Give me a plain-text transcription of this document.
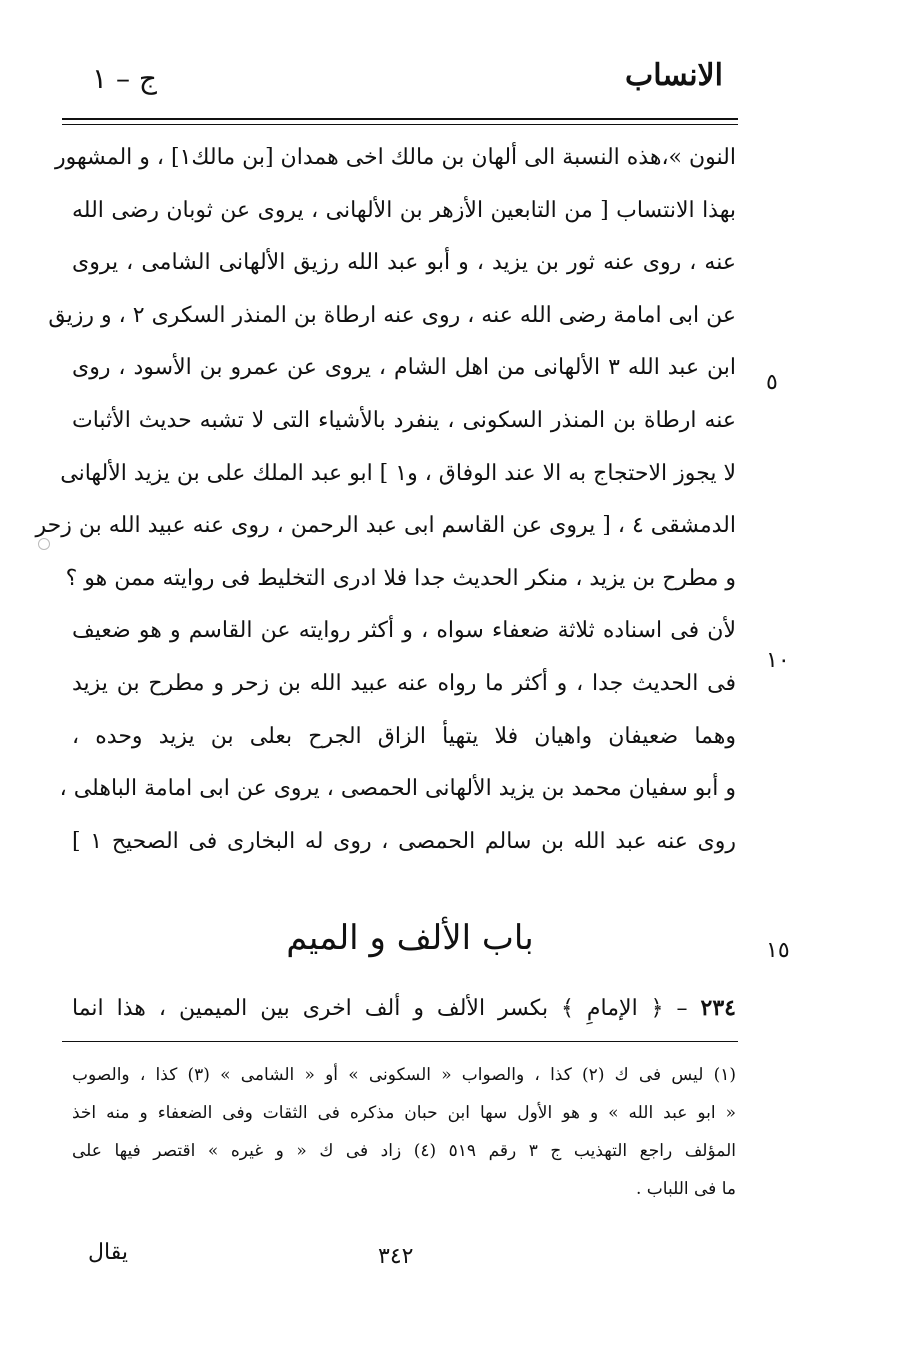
ج – ١	الانساب
النون »،هذه النسبة الى ألهان بن مالك اخى همدان [بن مالك١] ، و المشهور
بهذا الانتساب [ من التابعين الأزهر بن الألهانى ، يروى عن ثوبان رضى الله
عنه ، روى عنه ثور بن يزيد ، و أبو عبد الله رزيق الألهانى الشامى ، يروى
عن ابى امامة رضى الله عنه ، روى عنه ارطاة بن المنذر السكرى ٢ ، و رزيق
ابن عبد الله ٣ الألهانى من اهل الشام ، يروى عن عمرو بن الأسود ، روى
عنه ارطاة بن المنذر السكونى ، ينفرد بالأشياء التى لا تشبه حديث الأثبات
لا يجوز الاحتجاج به الا عند الوفاق ، و١ ] ابو عبد الملك على بن يزيد الألهانى
الدمشقى ٤ ، [ يروى عن القاسم ابى عبد الرحمن ، روى عنه عبيد الله بن زحر
و مطرح بن يزيد ، منكر الحديث جدا فلا ادرى التخليط فى روايته ممن هو ؟
لأن فى اسناده ثلاثة ضعفاء سواه ، و أكثر روايته عن القاسم و هو ضعيف
فى الحديث جدا ، و أكثر ما رواه عنه عبيد الله بن زحر و مطرح بن يزيد
وهما ضعيفان واهيان فلا يتهيأ الزاق الجرح بعلى بن يزيد وحده ،
و أبو سفيان محمد بن يزيد الألهانى الحمصى ، يروى عن ابى امامة الباهلى ،
روى عنه عبد الله بن سالم الحمصى ، روى له البخارى فى الصحيح ١ ]
٥
١٠
١٥
باب الألف و الميم
٢٣٤ – ﴿ الإمامِ ﴾ بكسر الألف و ألف اخرى بين الميمين ، هذا انما
(١) ليس فى ك (٢) كذا ، والصواب « السكونى » أو « الشامى » (٣) كذا ، والصوب
« ابو عبد الله » و هو الأول سها ابن حبان مذكره فى الثقات وفى الضعفاء و منه اخذ
المؤلف راجع التهذيب ج ٣ رقم ٥١٩ (٤) زاد فى ك « و غيره » اقتصر فيها على
ما فى اللباب .
يقال	٣٤٢
